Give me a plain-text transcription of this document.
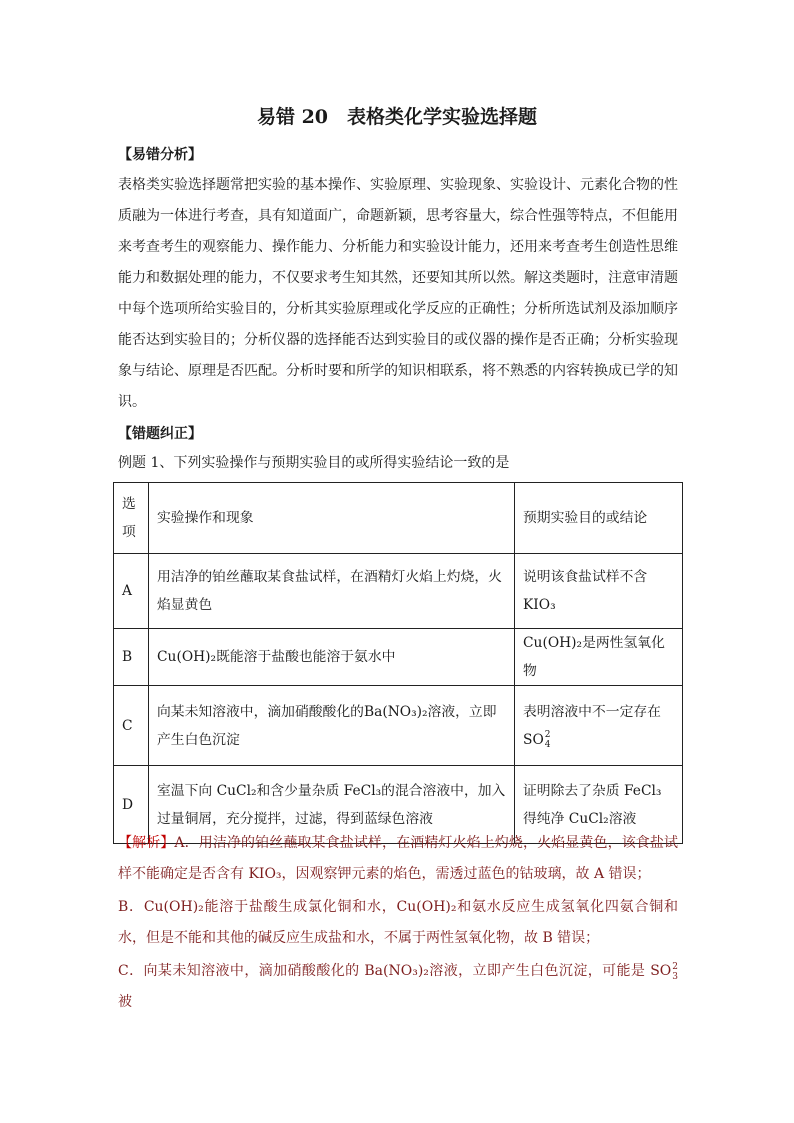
易错 20　表格类化学实验选择题
【易错分析】
表格类实验选择题常把实验的基本操作、实验原理、实验现象、实验设计、元素化合物的性质融为一体进行考查，具有知道面广，命题新颖，思考容量大，综合性强等特点，不但能用来考查考生的观察能力、操作能力、分析能力和实验设计能力，还用来考查考生创造性思维能力和数据处理的能力，不仅要求考生知其然，还要知其所以然。解这类题时，注意审清题中每个选项所给实验目的，分析其实验原理或化学反应的正确性；分析所选试剂及添加顺序能否达到实验目的；分析仪器的选择能否达到实验目的或仪器的操作是否正确；分析实验现象与结论、原理是否匹配。分析时要和所学的知识相联系，将不熟悉的内容转换成已学的知识。
【错题纠正】
例题 1、下列实验操作与预期实验目的或所得实验结论一致的是
选项	实验操作和现象	预期实验目的或结论
A	用洁净的铂丝蘸取某食盐试样，在酒精灯火焰上灼烧，火焰显黄色	说明该食盐试样不含KIO₃
B	Cu(OH)₂既能溶于盐酸也能溶于氨水中	Cu(OH)₂是两性氢氧化物
C	向某未知溶液中，滴加硝酸酸化的Ba(NO₃)₂溶液，立即产生白色沉淀	表明溶液中不一定存在
SO 2
4

D	室温下向 CuCl₂和含少量杂质 FeCl₃的混合溶液中，加入过量铜屑，充分搅拌，过滤，得到蓝绿色溶液	证明除去了杂质 FeCl₃得纯净 CuCl₂溶液

【解析】A．用洁净的铂丝蘸取某食盐试样，在酒精灯火焰上灼烧，火焰显黄色，该食盐试样不能确定是否含有 KIO₃，因观察钾元素的焰色，需透过蓝色的钴玻璃，故 A 错误；

B．Cu(OH)₂能溶于盐酸生成氯化铜和水，Cu(OH)₂和氨水反应生成氢氧化四氨合铜和水，但是不能和其他的碱反应生成盐和水，不属于两性氢氧化物，故 B 错误；

C．向某未知溶液中，滴加硝酸酸化的 Ba(NO₃)₂溶液，立即产生白色沉淀，可能是 SO 2
3
被
